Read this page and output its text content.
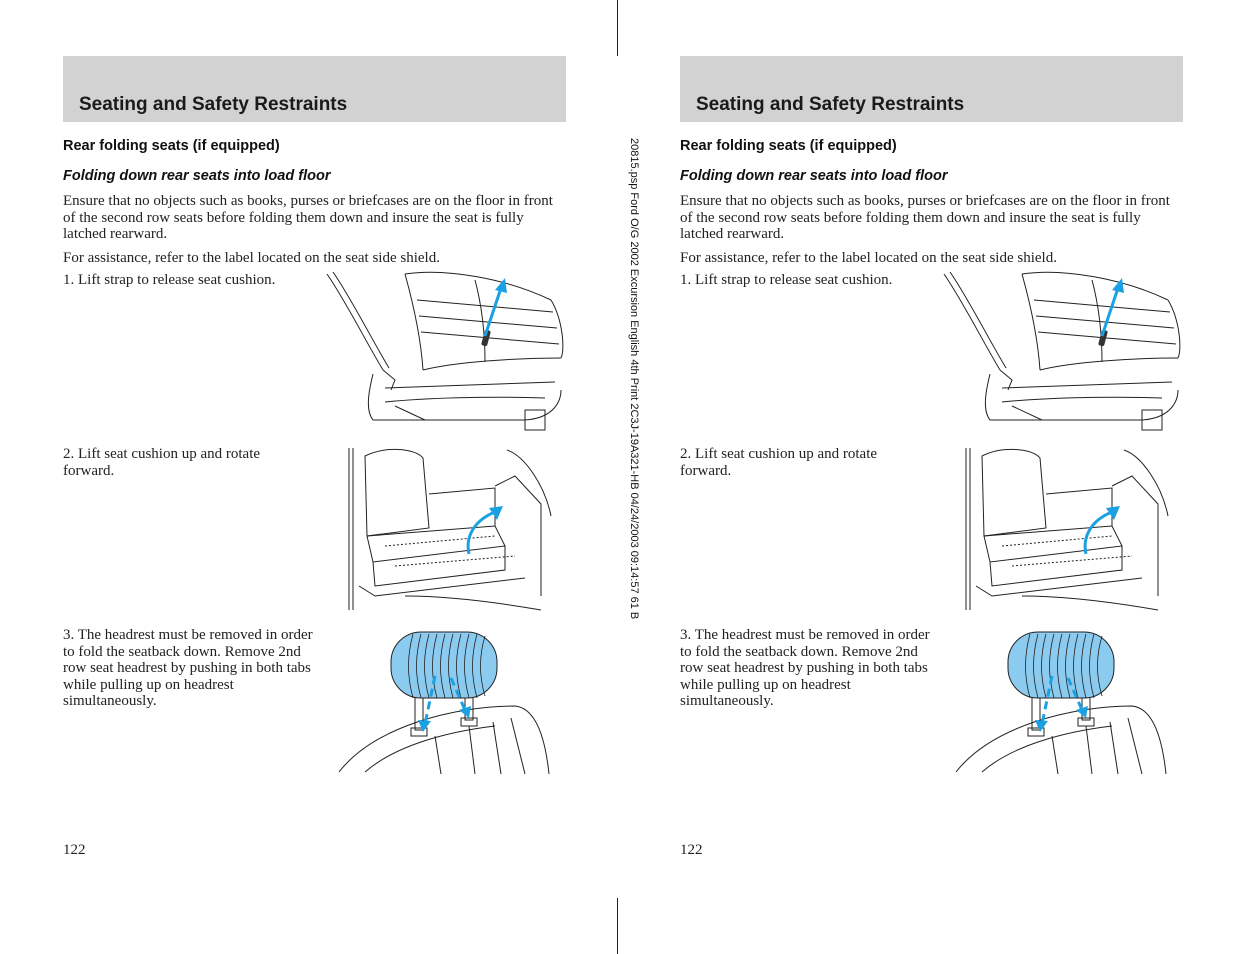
20815.psp Ford O/G 2002 Excursion English 4th Print 2C3J-19A321-HB 04/24/2003 09:14:57 61 B
Seating and Safety Restraints
Rear folding seats (if equipped)
Folding down rear seats into load floor
Ensure that no objects such as books, purses or briefcases are on the floor in front of the second row seats before folding them down and insure the seat is fully latched rearward.
For assistance, refer to the label located on the seat side shield.
1. Lift strap to release seat cushion.
2. Lift seat cushion up and rotate forward.
3. The headrest must be removed in order to fold the seatback down. Remove 2nd row seat headrest by pushing in both tabs while pulling up on headrest simultaneously.
122
Seating and Safety Restraints
Rear folding seats (if equipped)
Folding down rear seats into load floor
Ensure that no objects such as books, purses or briefcases are on the floor in front of the second row seats before folding them down and insure the seat is fully latched rearward.
For assistance, refer to the label located on the seat side shield.
1. Lift strap to release seat cushion.
2. Lift seat cushion up and rotate forward.
3. The headrest must be removed in order to fold the seatback down. Remove 2nd row seat headrest by pushing in both tabs while pulling up on headrest simultaneously.
122
